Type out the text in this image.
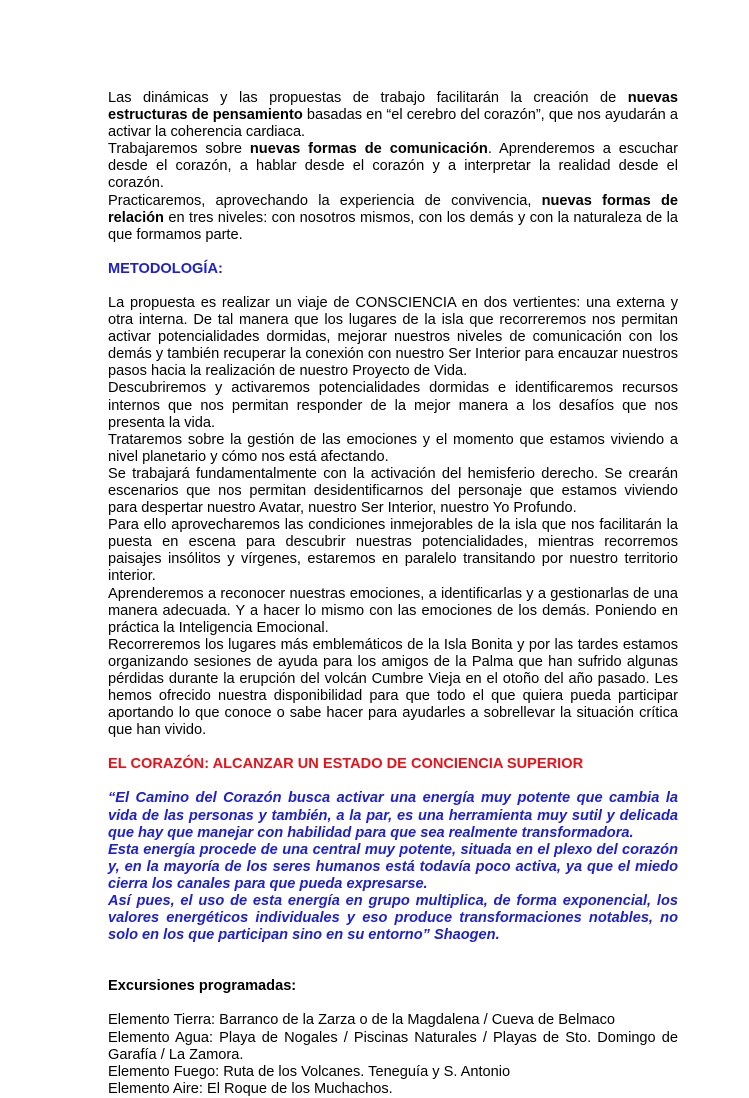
Las dinámicas y las propuestas de trabajo facilitarán la creación de nuevas estructuras de pensamiento basadas en “el cerebro del corazón”, que nos ayudarán a activar la coherencia cardiaca.

Trabajaremos sobre nuevas formas de comunicación. Aprenderemos a escuchar desde el corazón, a hablar desde el corazón y a interpretar la realidad desde el corazón.

Practicaremos, aprovechando la experiencia de convivencia, nuevas formas de relación en tres niveles: con nosotros mismos, con los demás y con la naturaleza de la que formamos parte.

METODOLOGÍA:

La propuesta es realizar un viaje de CONSCIENCIA en dos vertientes: una externa y otra interna. De tal manera que los lugares de la isla que recorreremos nos permitan activar potencialidades dormidas, mejorar nuestros niveles de comunicación con los demás y también recuperar la conexión con nuestro Ser Interior para encauzar nuestros pasos hacia la realización de nuestro Proyecto de Vida.

Descubriremos y activaremos potencialidades dormidas e identificaremos recursos internos que nos permitan responder de la mejor manera a los desafíos que nos presenta la vida.

Trataremos sobre la gestión de las emociones y el momento que estamos viviendo a nivel planetario y cómo nos está afectando.

Se trabajará fundamentalmente con la activación del hemisferio derecho. Se crearán escenarios que nos permitan desidentificarnos del personaje que estamos viviendo para despertar nuestro Avatar, nuestro Ser Interior, nuestro Yo Profundo.

Para ello aprovecharemos las condiciones inmejorables de la isla que nos facilitarán la puesta en escena para descubrir nuestras potencialidades, mientras recorremos paisajes insólitos y vírgenes, estaremos en paralelo transitando por nuestro territorio interior.

Aprenderemos a reconocer nuestras emociones, a identificarlas y a gestionarlas de una manera adecuada. Y a hacer lo mismo con las emociones de los demás. Poniendo en práctica la Inteligencia Emocional.

Recorreremos los lugares más emblemáticos de la Isla Bonita y por las tardes estamos organizando sesiones de ayuda para los amigos de la Palma que han sufrido algunas pérdidas durante la erupción del volcán Cumbre Vieja en el otoño del año pasado. Les hemos ofrecido nuestra disponibilidad para que todo el que quiera pueda participar aportando lo que conoce o sabe hacer para ayudarles a sobrellevar la situación crítica que han vivido.

EL CORAZÓN: ALCANZAR UN ESTADO DE CONCIENCIA SUPERIOR

“El Camino del Corazón busca activar una energía muy potente que cambia la vida de las personas y también, a la par, es una herramienta muy sutil y delicada que hay que manejar con habilidad para que sea realmente transformadora.

Esta energía procede de una central muy potente, situada en el plexo del corazón y, en la mayoría de los seres humanos está todavía poco activa, ya que el miedo cierra los canales para que pueda expresarse.

Así pues, el uso de esta energía en grupo multiplica, de forma exponencial, los valores energéticos individuales y eso produce transformaciones notables, no solo en los que participan sino en su entorno” Shaogen.

Excursiones programadas:

Elemento Tierra: Barranco de la Zarza o de la Magdalena / Cueva de Belmaco

Elemento Agua: Playa de Nogales / Piscinas Naturales / Playas de Sto. Domingo de Garafía / La Zamora.

Elemento Fuego: Ruta de los Volcanes. Teneguía y S. Antonio

Elemento Aire: El Roque de los Muchachos.
